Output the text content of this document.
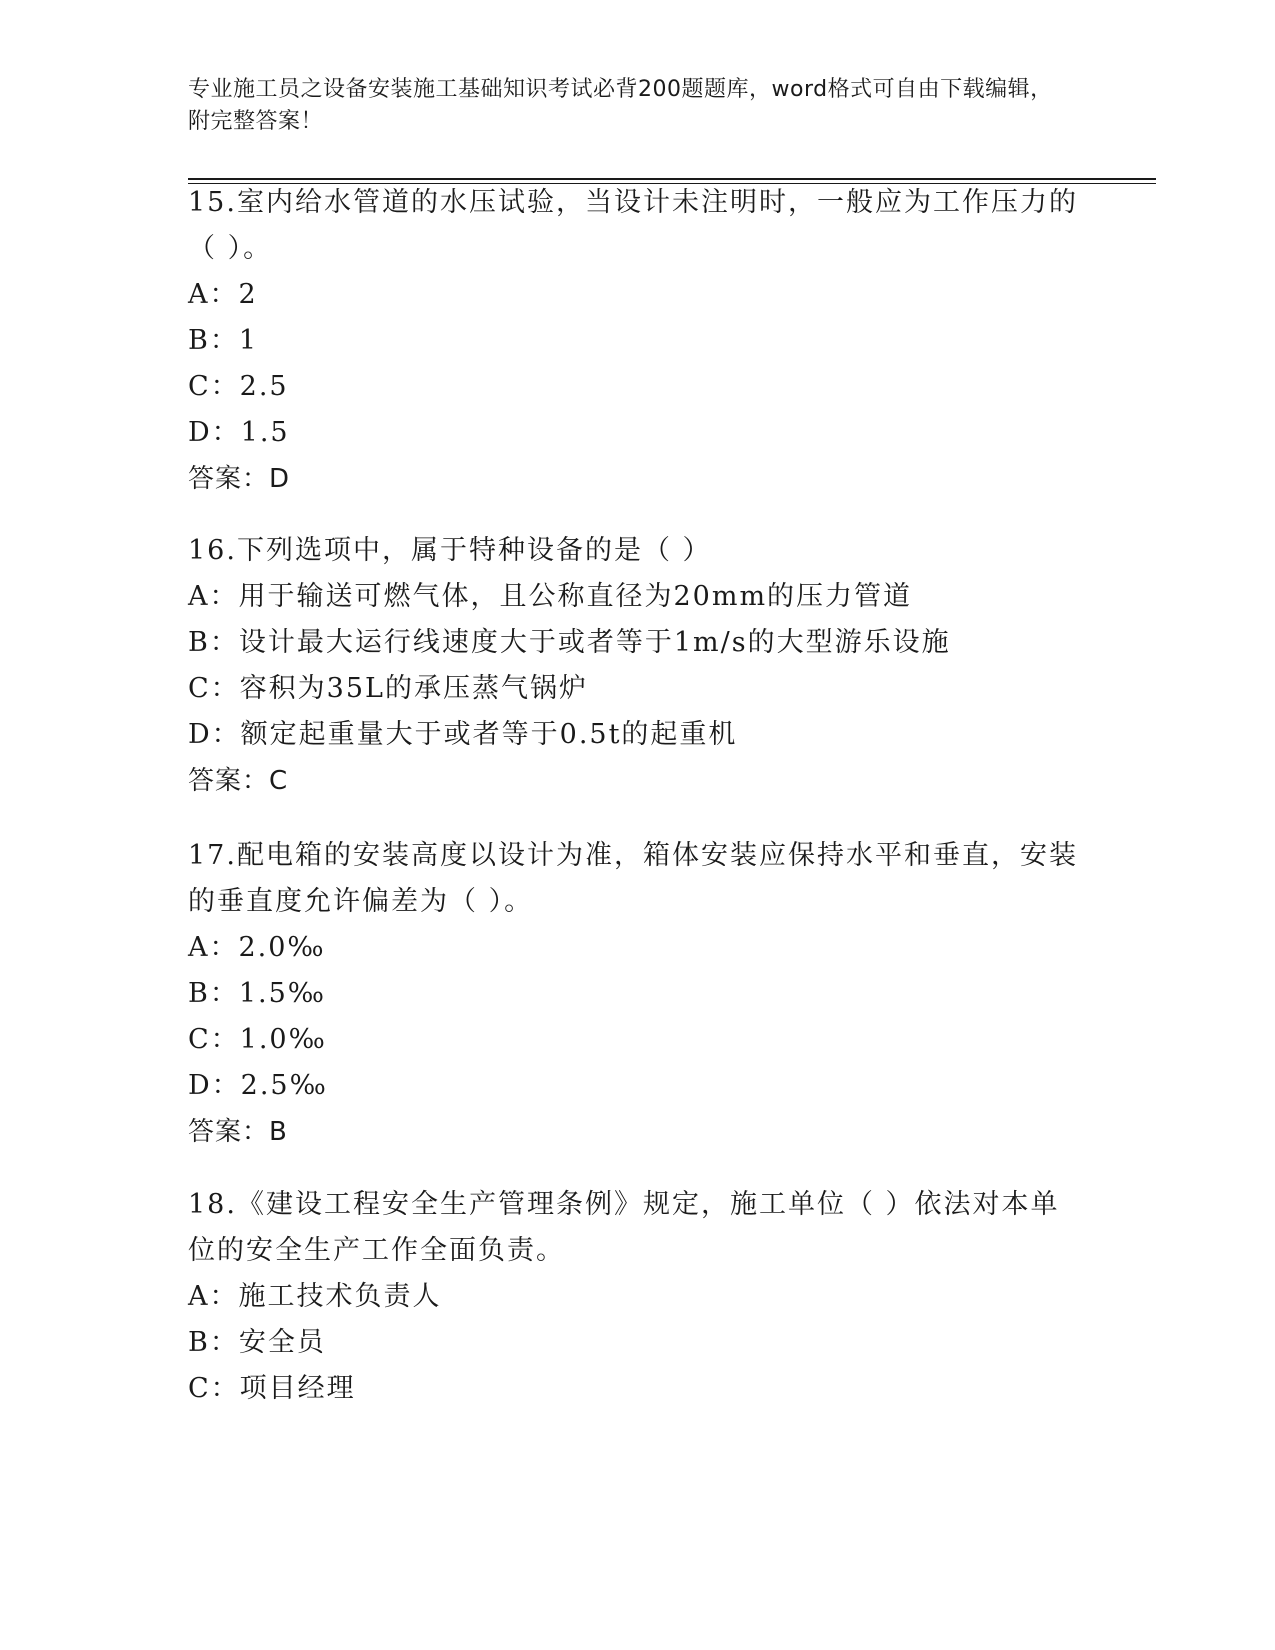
专业施工员之设备安装施工基础知识考试必背200题题库，word格式可自由下载编辑，附完整答案！
15.室内给水管道的水压试验，当设计未注明时，一般应为工作压力的（ ）。
A：2
B：1
C：2.5
D：1.5
答案：D
16.下列选项中，属于特种设备的是（ ）
A：用于输送可燃气体，且公称直径为20mm的压力管道
B：设计最大运行线速度大于或者等于1m/s的大型游乐设施
C：容积为35L的承压蒸气锅炉
D：额定起重量大于或者等于0.5t的起重机
答案：C
17.配电箱的安装高度以设计为准，箱体安装应保持水平和垂直，安装的垂直度允许偏差为（ ）。
A：2.0‰
B：1.5‰
C：1.0‰
D：2.5‰
答案：B
18.《建设工程安全生产管理条例》规定，施工单位（ ）依法对本单位的安全生产工作全面负责。
A：施工技术负责人
B：安全员
C：项目经理
